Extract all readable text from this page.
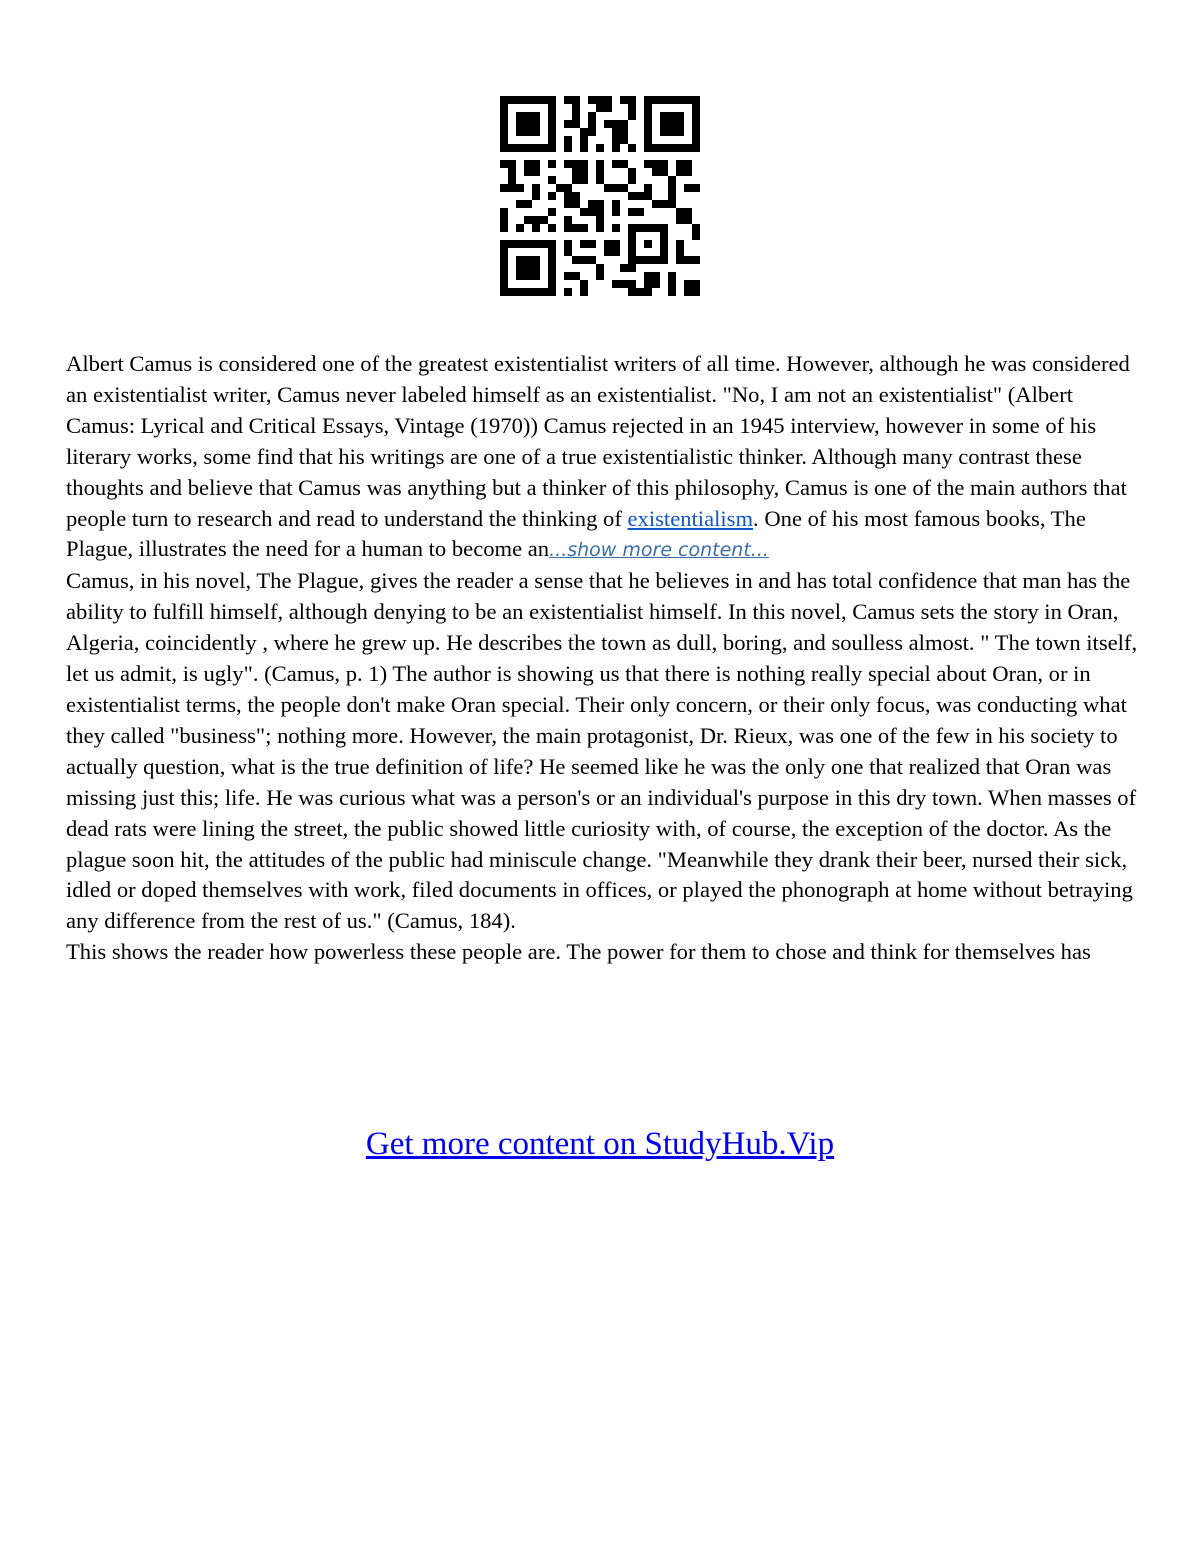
Albert Camus is considered one of the greatest existentialist writers of all time. However, although he was considered an existentialist writer, Camus never labeled himself as an existentialist. "No, I am not an existentialist" (Albert Camus: Lyrical and Critical Essays, Vintage (1970)) Camus rejected in an 1945 interview, however in some of his literary works, some find that his writings are one of a true existentialistic thinker. Although many contrast these thoughts and believe that Camus was anything but a thinker of this philosophy, Camus is one of the main authors that people turn to research and read to understand the thinking of existentialism. One of his most famous books, The Plague, illustrates the need for a human to become an...show more content...

Camus, in his novel, The Plague, gives the reader a sense that he believes in and has total confidence that man has the ability to fulfill himself, although denying to be an existentialist himself. In this novel, Camus sets the story in Oran, Algeria, coincidently , where he grew up. He describes the town as dull, boring, and soulless almost. " The town itself, let us admit, is ugly". (Camus, p. 1) The author is showing us that there is nothing really special about Oran, or in existentialist terms, the people don't make Oran special. Their only concern, or their only focus, was conducting what they called "business"; nothing more. However, the main protagonist, Dr. Rieux, was one of the few in his society to actually question, what is the true definition of life? He seemed like he was the only one that realized that Oran was missing just this; life. He was curious what was a person's or an individual's purpose in this dry town. When masses of dead rats were lining the street, the public showed little curiosity with, of course, the exception of the doctor. As the plague soon hit, the attitudes of the public had miniscule change. "Meanwhile they drank their beer, nursed their sick, idled or doped themselves with work, filed documents in offices, or played the phonograph at home without betraying any difference from the rest of us." (Camus, 184).

This shows the reader how powerless these people are. The power for them to chose and think for themselves has

Get more content on StudyHub.Vip
